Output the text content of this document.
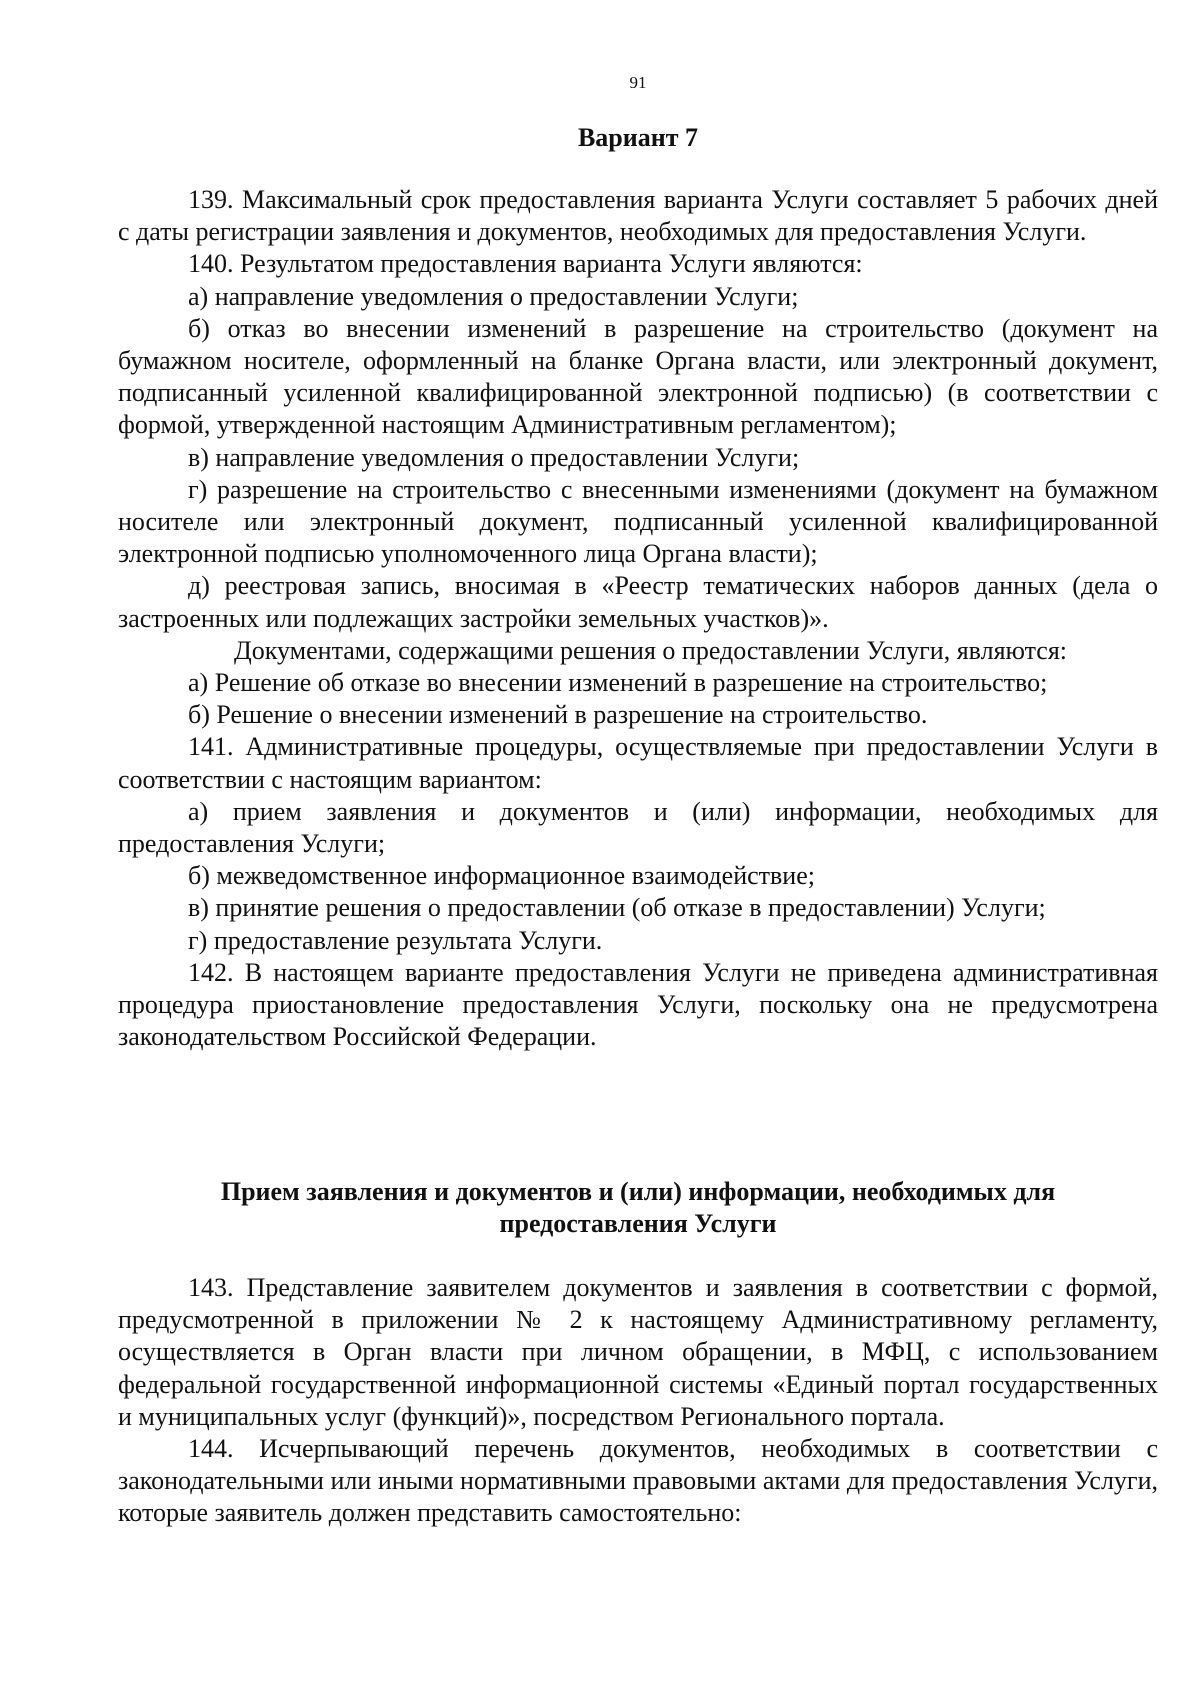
91
Вариант 7

139. Максимальный срок предоставления варианта Услуги составляет 5 рабочих дней с даты регистрации заявления и документов, необходимых для предоставления Услуги.

140. Результатом предоставления варианта Услуги являются:

а) направление уведомления о предоставлении Услуги;

б) отказ во внесении изменений в разрешение на строительство (документ на бумажном носителе, оформленный на бланке Органа власти, или электронный документ, подписанный усиленной квалифицированной электронной подписью) (в соответствии с формой, утвержденной настоящим Административным регламентом);

в) направление уведомления о предоставлении Услуги;

г) разрешение на строительство с внесенными изменениями (документ на бумажном носителе или электронный документ, подписанный усиленной квалифицированной электронной подписью уполномоченного лица Органа власти);

д) реестровая запись, вносимая в «Реестр тематических наборов данных (дела о застроенных или подлежащих застройки земельных участков)».

Документами, содержащими решения о предоставлении Услуги, являются:

а) Решение об отказе во внесении изменений в разрешение на строительство;

б) Решение о внесении изменений в разрешение на строительство.

141. Административные процедуры, осуществляемые при предоставлении Услуги в соответствии с настоящим вариантом:

а) прием заявления и документов и (или) информации, необходимых для предоставления Услуги;

б) межведомственное информационное взаимодействие;

в) принятие решения о предоставлении (об отказе в предоставлении) Услуги;

г) предоставление результата Услуги.

142. В настоящем варианте предоставления Услуги не приведена административная процедура приостановление предоставления Услуги, поскольку она не предусмотрена законодательством Российской Федерации.

Прием заявления и документов и (или) информации, необходимых для
предоставления Услуги

143. Представление заявителем документов и заявления в соответствии с формой, предусмотренной в приложении № 2 к настоящему Административному регламенту, осуществляется в Орган власти при личном обращении, в МФЦ, с использованием федеральной государственной информационной системы «Единый портал государственных и муниципальных услуг (функций)», посредством Регионального портала.

144. Исчерпывающий перечень документов, необходимых в соответствии с законодательными или иными нормативными правовыми актами для предоставления Услуги, которые заявитель должен представить самостоятельно:
